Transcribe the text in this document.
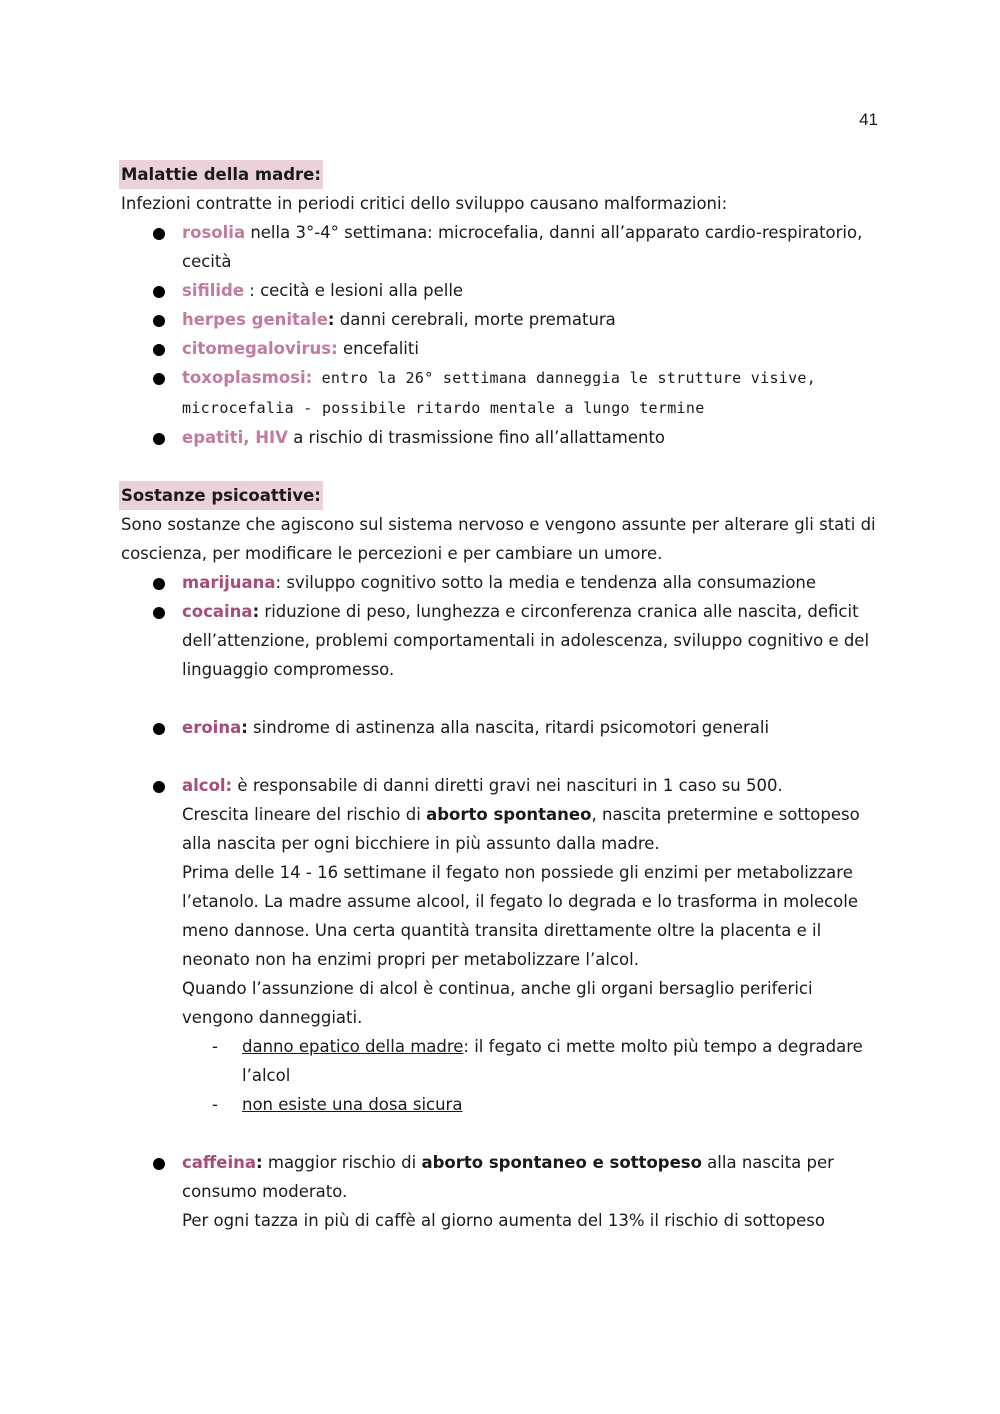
41
Malattie della madre:
Infezioni contratte in periodi critici dello sviluppo causano malformazioni:
rosolia nella 3°-4° settimana: microcefalia, danni all’apparato cardio-respiratorio, cecità
sifilide : cecità e lesioni alla pelle
herpes genitale: danni cerebrali, morte prematura
citomegalovirus: encefaliti
toxoplasmosi: entro la 26° settimana danneggia le strutture visive, microcefalia - possibile ritardo mentale a lungo termine
epatiti, HIV a rischio di trasmissione fino all’allattamento
Sostanze psicoattive:
Sono sostanze che agiscono sul sistema nervoso e vengono assunte per alterare gli stati di coscienza, per modificare le percezioni e per cambiare un umore.
marijuana: sviluppo cognitivo sotto la media e tendenza alla consumazione
cocaina: riduzione di peso, lunghezza e circonferenza cranica alle nascita, deficit dell’attenzione, problemi comportamentali in adolescenza, sviluppo cognitivo e del linguaggio compromesso.
eroina: sindrome di astinenza alla nascita, ritardi psicomotori generali
alcol: è responsabile di danni diretti gravi nei nascituri in 1 caso su 500.
Crescita lineare del rischio di aborto spontaneo, nascita pretermine e sottopeso alla nascita per ogni bicchiere in più assunto dalla madre.
Prima delle 14 - 16 settimane il fegato non possiede gli enzimi per metabolizzare l’etanolo. La madre assume alcool, il fegato lo degrada e lo trasforma in molecole meno dannose. Una certa quantità transita direttamente oltre la placenta e il neonato non ha enzimi propri per metabolizzare l’alcol.
Quando l’assunzione di alcol è continua, anche gli organi bersaglio periferici vengono danneggiati.
- danno epatico della madre: il fegato ci mette molto più tempo a degradare l’alcol
- non esiste una dosa sicura
caffeina: maggior rischio di aborto spontaneo e sottopeso alla nascita per consumo moderato.
Per ogni tazza in più di caffè al giorno aumenta del 13% il rischio di sottopeso
